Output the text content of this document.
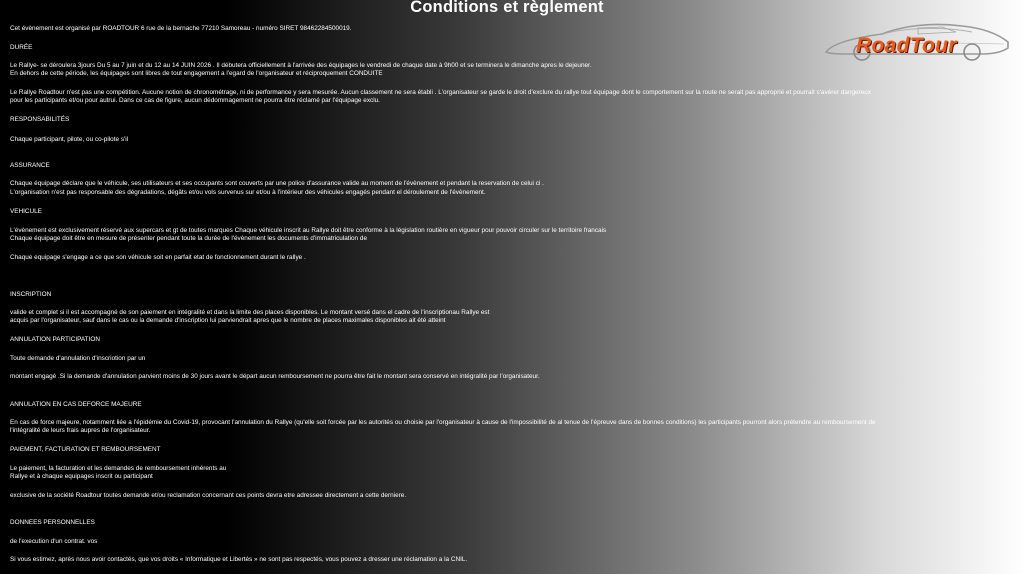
Conditions et règlement
RoadTour
Cet évènement est organisé par ROADTOUR 6 rue de la bernache 77210 Samoreau - numéro SIRET 98462284500019.
DURÉE
Le Rallye- se déroulera 3jours Du 5 au 7 juin et du 12 au 14 JUIN 2026 . Il débutera officiellement à l'arrivée des équipages le vendredi de chaque date à 9h00 et se terminera le dimanche apres le dejeuner.
En dehors de cette période, les équipages sont libres de tout engagement a l'egard de l'organisateur et réciproquement CONDUITE
Le Rallye Roadtour n'est pas une compétition. Aucune notion de chronométrage, ni de performance y sera mesurée. Aucun classement ne sera établi . L'organisateur se garde le droit d'exclure du rallye tout équipage dont le comportement sur la route ne serait pas approprié et pourrait s'avérer dangereux
pour les participants et/ou pour autrui. Dans ce cas de figure, aucun dédommagement ne pourra être réclamé par l'équipage exclu.
RESPONSABILITÉS
Chaque participant, pilote, ou co-pilote s'il
ASSURANCE
Chaque équipage déclare que le véhicule, ses utilisateurs et ses occupants sont couverts par une police d'assurance valide au moment de l'évènement et pendant la reservation de celui ci .
L'organisation n'est pas responsable des dégradations, dégâts et/ou vols survenus sur et/ou à l'intérieur des véhicules engagés pendant el déroulement de l'évènement.
VEHICULE
L'évènement est exclusivement réservé aux supercars et gt de toutes marques Chaque véhicule inscrit au Rallye doit être conforme à la législation routière en vigueur pour pouvoir circuler sur le territoire francais
Chaque équipage doit être en mesure de présenter pendant toute la durée de l'évènement les documents d'immatriculation de
Chaque equipage s'engage a ce que son véhicule soit en parfait etat de fonctionnement durant le rallye .
INSCRIPTION
valide et complet si il est accompagné de son paiement en intégralité et dans la limite des places disponibles. Le montant versé dans el cadre de l'inscriptionau Rallye est
acquis par l'organisateur, sauf dans le cas ou la demande d'inscription lui parviendrait apres que le nombre de places maximales disponibles ait été atteint
ANNULATION PARTICIPATION
Toute demande d'annulation d'inscriotion par un
montant engagé .Si la demande d'annulation parvient moins de 30 jours avant le départ aucun remboursement ne pourra être fait le montant sera conservé en intégralité par l'organisateur.
ANNULATION EN CAS DEFORCE MAJEURE
En cas de force majeure, notamment liée a l'épidémie du Covid-19, provocant l'annulation du Rallye (qu'elle soit forcée par les autorités ou choisie par l'organisateur à cause de l'impossibilité de al tenue de l'épreuve dans de bonnes conditions) les participants pourront alors prétendre au remboursement de
l'intégralité de leurs frais aupres de l'organisateur.
PAIEMENT, FACTURATION ET REMBOURSEMENT
Le paiement, la facturation et les demandes de remboursement inhérents au
Rallye et à chaque equipages inscrit ou participant
exclusive de la société Roadtour toutes demande et/ou reclamation concernant ces points devra etre adressee directement a cette derniere.
DONNEES PERSONNELLES
de l'execution d'un contrat. vos
Si vous estimez, après nous avoir contactés, que vos droits « Informatique et Libertés » ne sont pas respectés, vous pouvez a dresser une réclamation a la CNIL.
